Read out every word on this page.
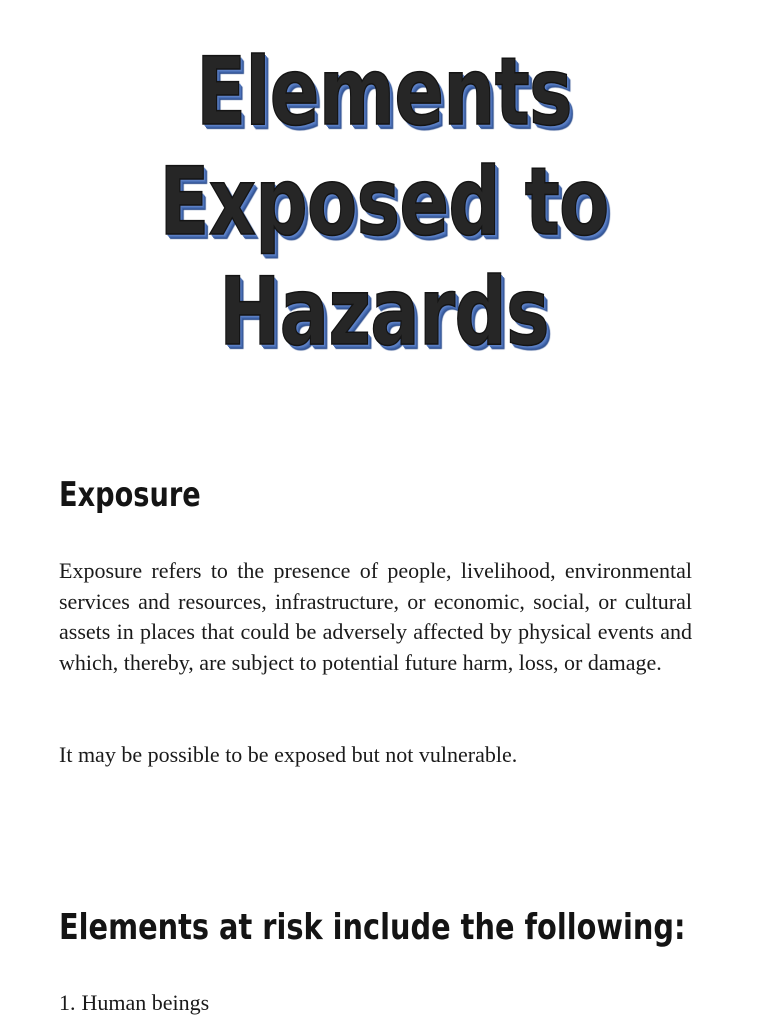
Elements
Exposed to
Hazards
Exposure

Exposure refers to the presence of people, livelihood, environmental services and resources, infrastructure, or economic, social, or cultural assets in places that could be adversely affected by physical events and which, thereby, are subject to potential future harm, loss, or damage.

It may be possible to be exposed but not vulnerable.

Elements at risk include the following:
1. Human beings
